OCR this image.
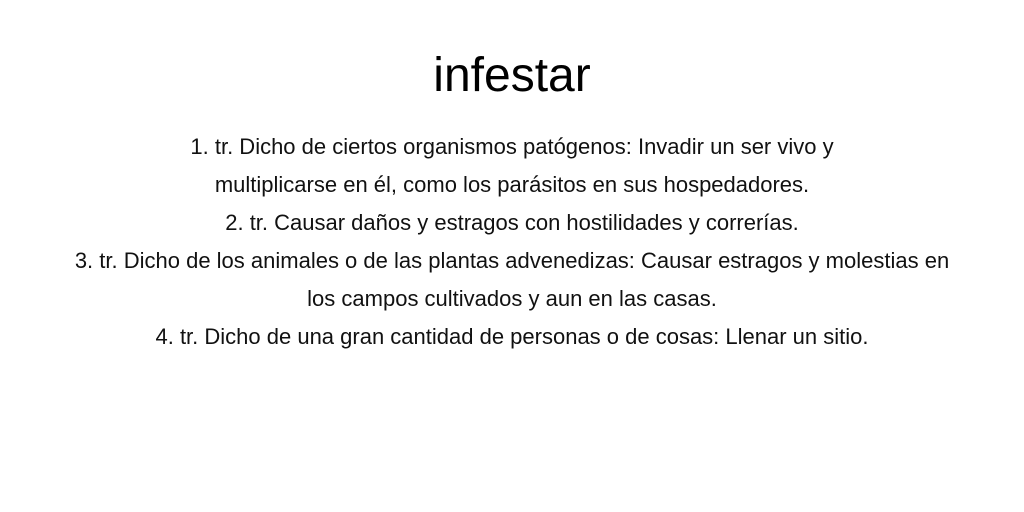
infestar
1. tr. Dicho de ciertos organismos patógenos: Invadir un ser vivo y multiplicarse en él, como los parásitos en sus hospedadores.
2. tr. Causar daños y estragos con hostilidades y correrías.
3. tr. Dicho de los animales o de las plantas advenedizas: Causar estragos y molestias en los campos cultivados y aun en las casas.
4. tr. Dicho de una gran cantidad de personas o de cosas: Llenar un sitio.
